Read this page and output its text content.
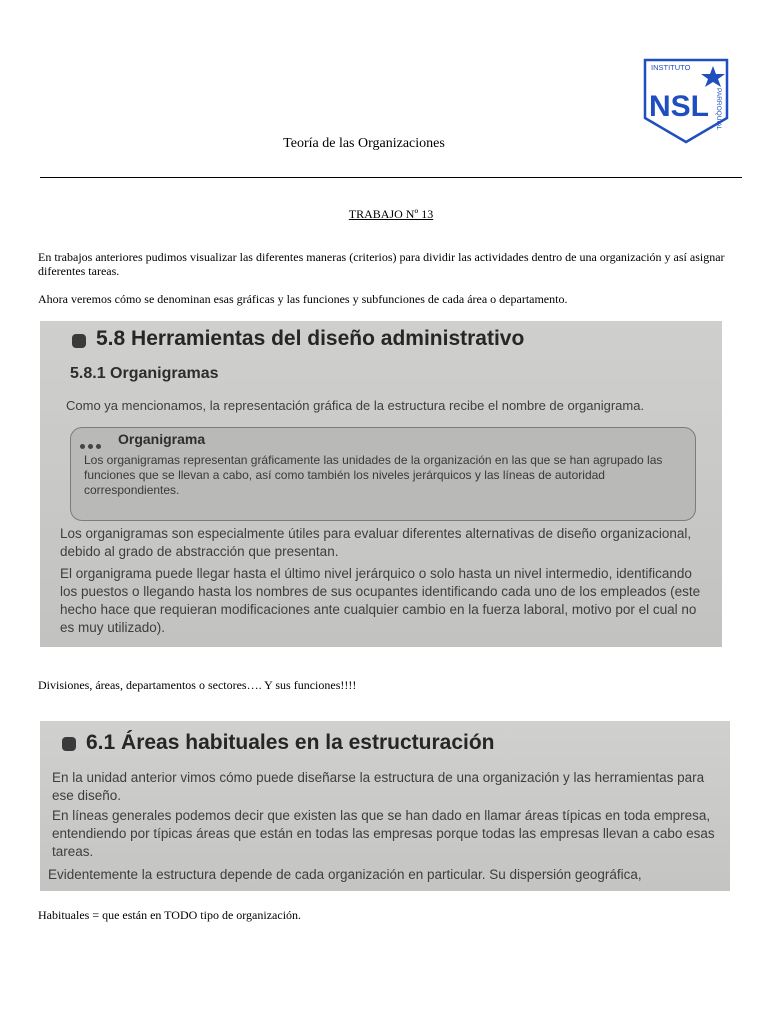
INSTITUTO
NSL PARROQUIAL
Teoría de las Organizaciones
TRABAJO Nº 13
En trabajos anteriores pudimos visualizar las diferentes maneras (criterios) para dividir las actividades dentro de una organización y así asignar diferentes tareas.
Ahora veremos cómo se denominan esas gráficas y las funciones y subfunciones de cada área o departamento.
5.8 Herramientas del diseño administrativo
5.8.1 Organigramas
Como ya mencionamos, la representación gráfica de la estructura recibe el nombre de organigrama.
Organigrama
Los organigramas representan gráficamente las unidades de la organización en las que se han agrupado las funciones que se llevan a cabo, así como también los niveles jerárquicos y las líneas de autoridad correspondientes.
Los organigramas son especialmente útiles para evaluar diferentes alternativas de diseño organizacional, debido al grado de abstracción que presentan.
El organigrama puede llegar hasta el último nivel jerárquico o solo hasta un nivel intermedio, identificando los puestos o llegando hasta los nombres de sus ocupantes identificando cada uno de los empleados (este hecho hace que requieran modificaciones ante cualquier cambio en la fuerza laboral, motivo por el cual no es muy utilizado).
Divisiones, áreas, departamentos o sectores…. Y sus funciones!!!!
6.1 Áreas habituales en la estructuración
En la unidad anterior vimos cómo puede diseñarse la estructura de una organización y las herramientas para ese diseño.
En líneas generales podemos decir que existen las que se han dado en llamar áreas típicas en toda empresa, entendiendo por típicas áreas que están en todas las empresas porque todas las empresas llevan a cabo esas tareas.
Evidentemente la estructura depende de cada organización en particular. Su dispersión geográfica,
Habituales = que están en TODO tipo de organización.
